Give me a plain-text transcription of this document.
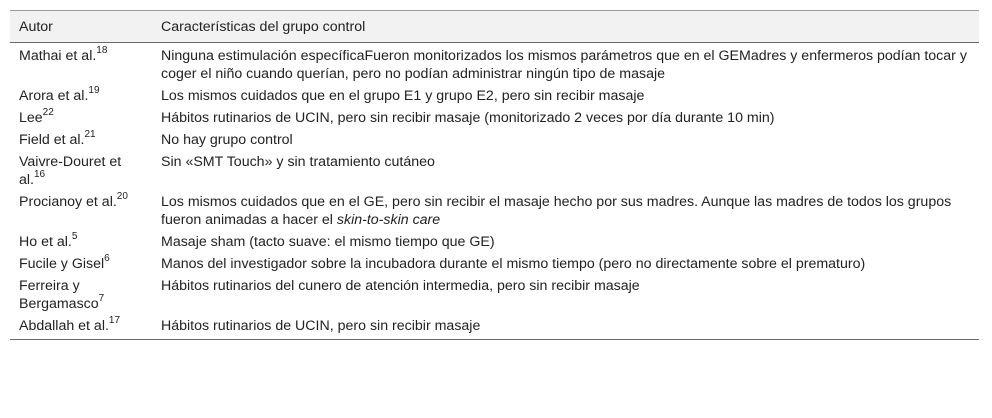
Autor	Características del grupo control
Mathai et al.$^{18}$	Ninguna estimulación específicaFueron monitorizados los mismos parámetros que en el GEMadres y enfermeros podían tocar y coger el niño cuando querían, pero no podían administrar ningún tipo de masaje
Arora et al.$^{19}$	Los mismos cuidados que en el grupo E1 y grupo E2, pero sin recibir masaje
Lee$^{22}$	Hábitos rutinarios de UCIN, pero sin recibir masaje (monitorizado 2 veces por día durante 10 min)
Field et al.$^{21}$	No hay grupo control
Vaivre-Douret et al.$^{16}$	Sin «SMT Touch» y sin tratamiento cutáneo
Procianoy et al.$^{20}$	Los mismos cuidados que en el GE, pero sin recibir el masaje hecho por sus madres. Aunque las madres de todos los grupos fueron animadas a hacer el skin-to-skin care
Ho et al.$^5$	Masaje sham (tacto suave: el mismo tiempo que GE)
Fucile y Gisel$^6$	Manos del investigador sobre la incubadora durante el mismo tiempo (pero no directamente sobre el prematuro)
Ferreira y Bergamasco$^7$	Hábitos rutinarios del cunero de atención intermedia, pero sin recibir masaje
Abdallah et al.$^{17}$	Hábitos rutinarios de UCIN, pero sin recibir masaje
